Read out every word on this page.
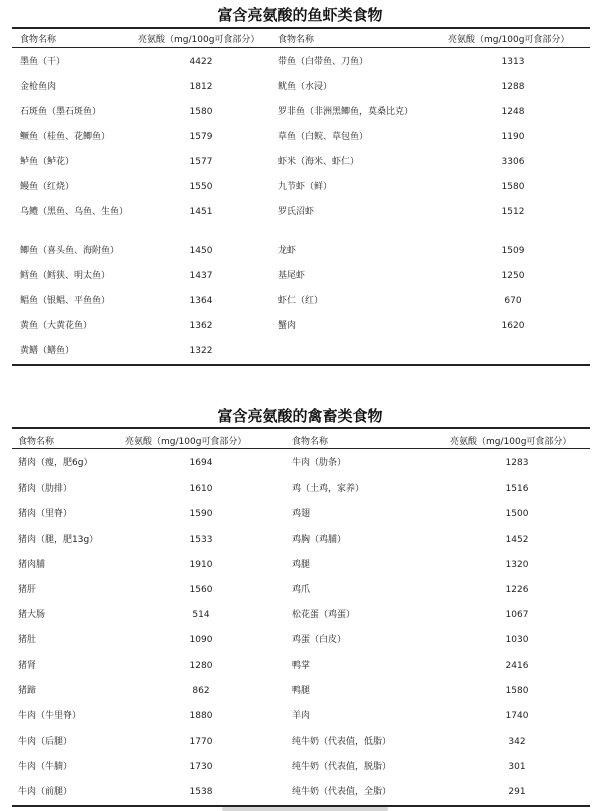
富含亮氨酸的鱼虾类食物
食物名称	亮氨酸（mg/100g可食部分） 食物名称	亮氨酸（mg/100g可食部分）
墨鱼（干）	4422	带鱼（白带鱼、刀鱼）	1313
金枪鱼肉	1812	鱿鱼（水浸）	1288
石斑鱼（墨石斑鱼）	1580	罗非鱼（非洲黑鲫鱼，莫桑比克）	1248
鳜鱼（桂鱼、花鲫鱼）	1579	草鱼（白鲩、草包鱼）	1190
鲈鱼（鲈花）	1577	虾米（海米、虾仁）	3306
鳗鱼（红烧）	1550	九节虾（鲜）	1580
乌鳢（黑鱼、乌鱼、生鱼）	1451	罗氏沼虾	1512
鲫鱼（喜头鱼、海附鱼）	1450	龙虾	1509
鳕鱼（鳕狭、明太鱼）	1437	基尾虾	1250
鲳鱼（银鲳、平鱼鱼）	1364	虾仁（红）	670
黄鱼（大黄花鱼）	1362	蟹肉	1620
黄鳝（鳝鱼）	1322
富含亮氨酸的禽畜类食物
食物名称	亮氨酸（mg/100g可食部分）	食物名称	亮氨酸（mg/100g可食部分）
猪肉（瘦，肥6g）	1694	牛肉（肋条）	1283
猪肉（肋排）	1610	鸡（土鸡，家养）	1516
猪肉（里脊）	1590	鸡翅	1500
猪肉（腿，肥13g）	1533	鸡胸（鸡脯）	1452
猪肉脯	1910	鸡腿	1320
猪肝	1560	鸡爪	1226
猪大肠	514	松花蛋（鸡蛋）	1067
猪肚	1090	鸡蛋（白皮）	1030
猪肾	1280	鸭掌	2416
猪蹄	862	鸭腿	1580
牛肉（牛里脊）	1880	羊肉	1740
牛肉（后腿）	1770	纯牛奶（代表值，低脂）	342
牛肉（牛腩）	1730	纯牛奶（代表值，脱脂）	301
牛肉（前腿）	1538	纯牛奶（代表值，全脂）	291
